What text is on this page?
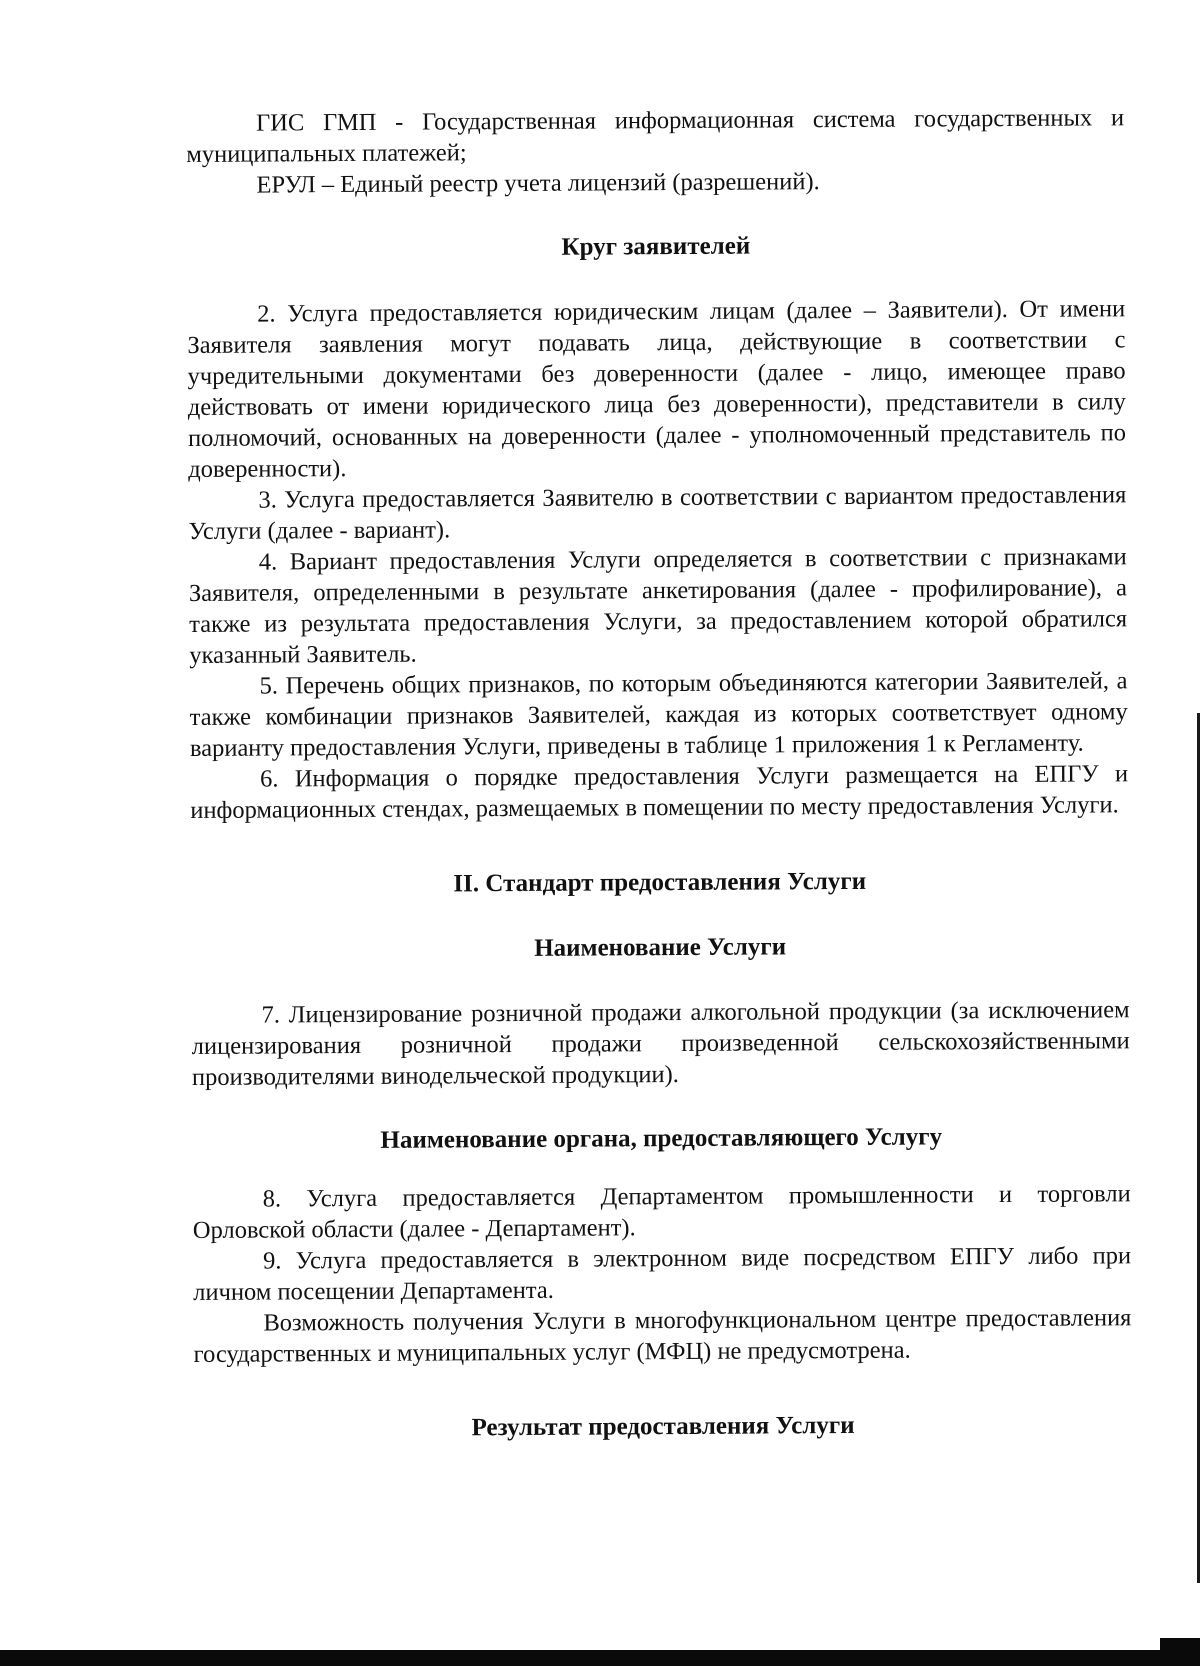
ГИС ГМП - Государственная информационная система государственных и муниципальных платежей;

ЕРУЛ – Единый реестр учета лицензий (разрешений).

Круг заявителей

2. Услуга предоставляется юридическим лицам (далее – Заявители). От имени Заявителя заявления могут подавать лица, действующие в соответствии с учредительными документами без доверенности (далее - лицо, имеющее право действовать от имени юридического лица без доверенности), представители в силу полномочий, основанных на доверенности (далее - уполномоченный представитель по доверенности).

3. Услуга предоставляется Заявителю в соответствии с вариантом предоставления Услуги (далее - вариант).

4. Вариант предоставления Услуги определяется в соответствии с признаками Заявителя, определенными в результате анкетирования (далее - профилирование), а также из результата предоставления Услуги, за предоставлением которой обратился указанный Заявитель.

5. Перечень общих признаков, по которым объединяются категории Заявителей, а также комбинации признаков Заявителей, каждая из которых соответствует одному варианту предоставления Услуги, приведены в таблице 1 приложения 1 к Регламенту.

6. Информация о порядке предоставления Услуги размещается на ЕПГУ и информационных стендах, размещаемых в помещении по месту предоставления Услуги.

II. Стандарт предоставления Услуги
Наименование Услуги

7. Лицензирование розничной продажи алкогольной продукции (за исключением лицензирования розничной продажи произведенной сельскохозяйственными производителями винодельческой продукции).

Наименование органа, предоставляющего Услугу

8. Услуга предоставляется Департаментом промышленности и торговли Орловской области (далее - Департамент).

9. Услуга предоставляется в электронном виде посредством ЕПГУ либо при личном посещении Департамента.

Возможность получения Услуги в многофункциональном центре предоставления государственных и муниципальных услуг (МФЦ) не предусмотрена.

Результат предоставления Услуги
